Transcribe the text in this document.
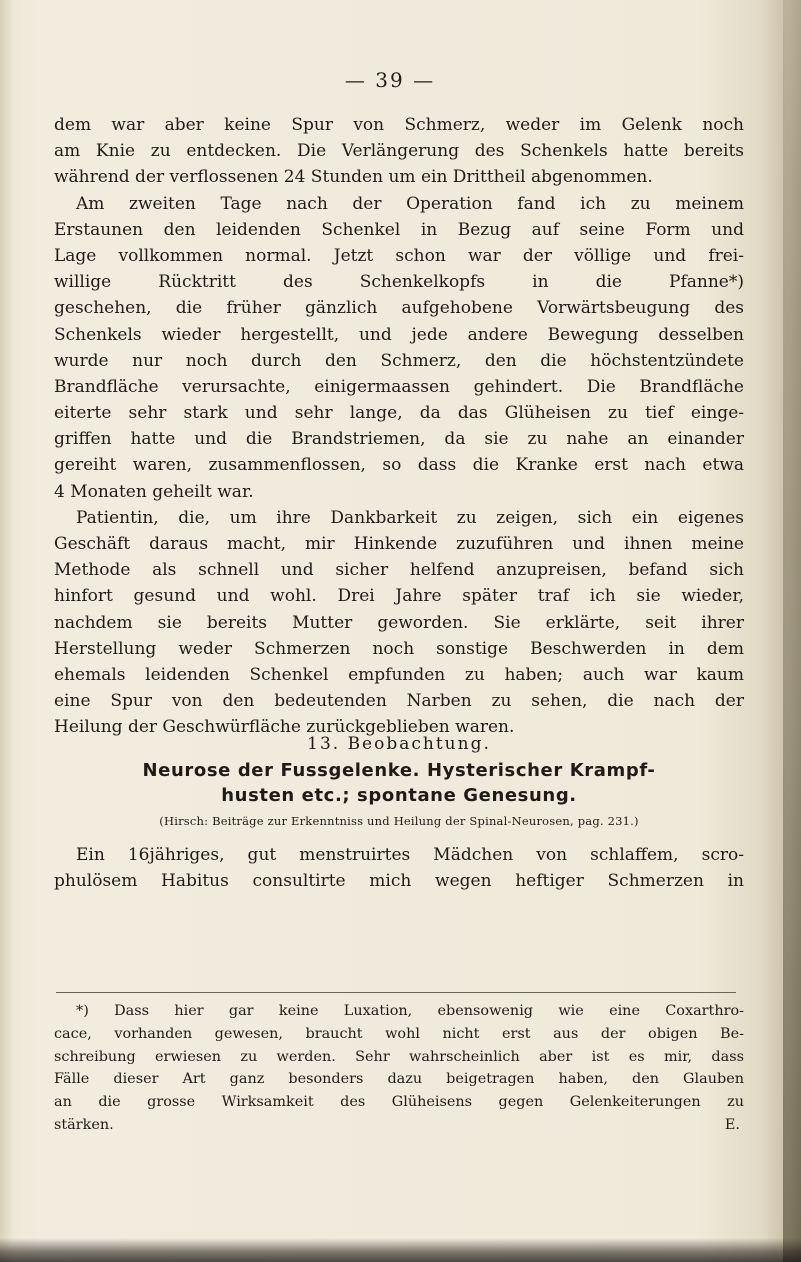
— 39 —
dem war aber keine Spur von Schmerz, weder im Gelenk noch
am Knie zu entdecken. Die Verlängerung des Schenkels hatte bereits
während der verflossenen 24 Stunden um ein Drittheil abgenommen.
Am zweiten Tage nach der Operation fand ich zu meinem
Erstaunen den leidenden Schenkel in Bezug auf seine Form und
Lage vollkommen normal. Jetzt schon war der völlige und frei-
willige Rücktritt des Schenkelkopfs in die Pfanne*)
geschehen, die früher gänzlich aufgehobene Vorwärtsbeugung des
Schenkels wieder hergestellt, und jede andere Bewegung desselben
wurde nur noch durch den Schmerz, den die höchstentzündete
Brandfläche verursachte, einigermaassen gehindert. Die Brandfläche
eiterte sehr stark und sehr lange, da das Glüheisen zu tief einge-
griffen hatte und die Brandstriemen, da sie zu nahe an einander
gereiht waren, zusammenflossen, so dass die Kranke erst nach etwa
4 Monaten geheilt war.
Patientin, die, um ihre Dankbarkeit zu zeigen, sich ein eigenes
Geschäft daraus macht, mir Hinkende zuzuführen und ihnen meine
Methode als schnell und sicher helfend anzupreisen, befand sich
hinfort gesund und wohl. Drei Jahre später traf ich sie wieder,
nachdem sie bereits Mutter geworden. Sie erklärte, seit ihrer
Herstellung weder Schmerzen noch sonstige Beschwerden in dem
ehemals leidenden Schenkel empfunden zu haben; auch war kaum
eine Spur von den bedeutenden Narben zu sehen, die nach der
Heilung der Geschwürfläche zurückgeblieben waren.
13. Beobachtung.
Neurose der Fussgelenke. Hysterischer Krampf-
husten etc.; spontane Genesung.
(Hirsch: Beiträge zur Erkenntniss und Heilung der Spinal-Neurosen, pag. 231.)
Ein 16jähriges, gut menstruirtes Mädchen von schlaffem, scro-
phulösem Habitus consultirte mich wegen heftiger Schmerzen in
*) Dass hier gar keine Luxation, ebensowenig wie eine Coxarthro-
cace, vorhanden gewesen, braucht wohl nicht erst aus der obigen Be-
schreibung erwiesen zu werden. Sehr wahrscheinlich aber ist es mir, dass
Fälle dieser Art ganz besonders dazu beigetragen haben, den Glauben
an die grosse Wirksamkeit des Glüheisens gegen Gelenkeiterungen zu
stärken.	E.
